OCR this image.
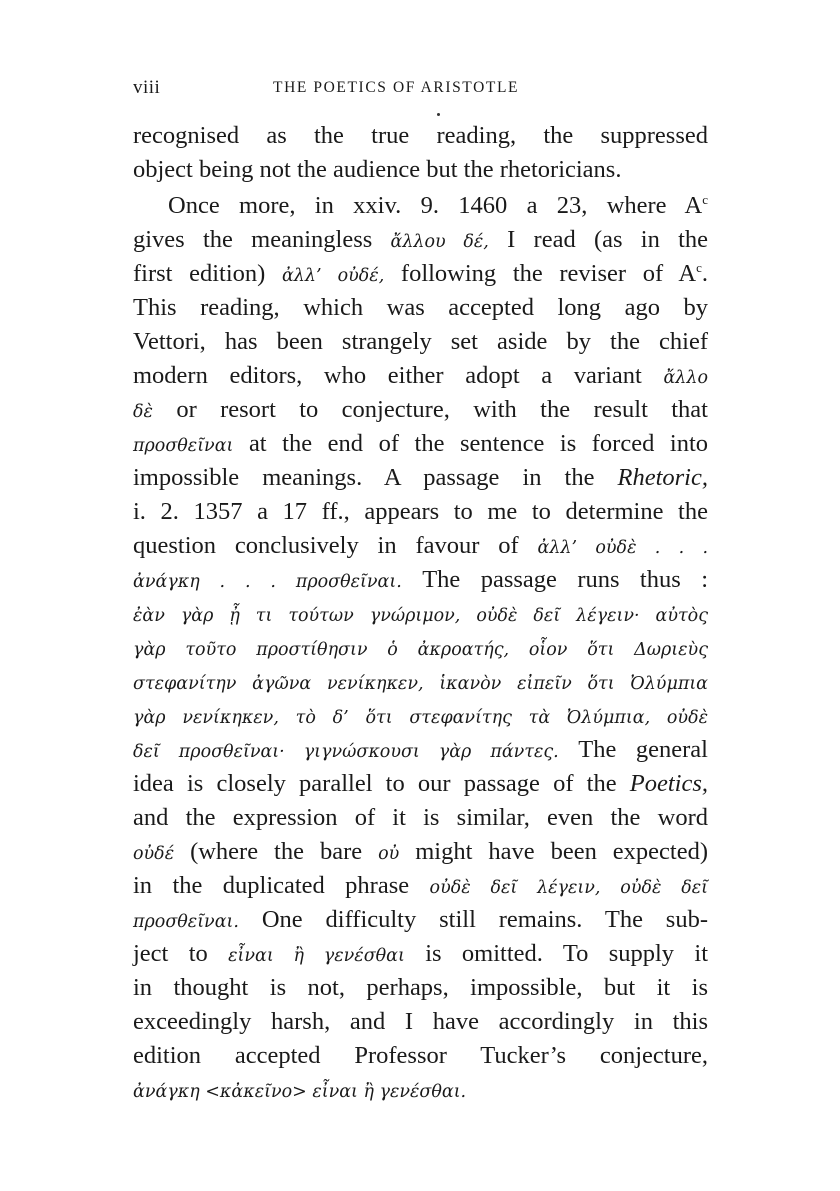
viii	THE POETICS OF ARISTOTLE
recognised as the true reading, the suppressed
object being not the audience but the rhetoricians.
Once more, in xxiv. 9. 1460 a 23, where $A^c$
gives the meaningless ἄλλου δέ, I read (as in the
first edition) ἀλλ’ οὐδέ, following the reviser of $A^c$.
This reading, which was accepted long ago by
Vettori, has been strangely set aside by the chief
modern editors, who either adopt a variant ἄλλο
δὲ or resort to conjecture, with the result that
προσθεῖναι at the end of the sentence is forced into
impossible meanings. A passage in the Rhetoric,
i. 2. 1357 a 17 ff., appears to me to determine the
question conclusively in favour of ἀλλ’ οὐδὲ . . .
ἀνάγκη . . . προσθεῖναι. The passage runs thus :
ἐὰν γὰρ ᾖ τι τούτων γνώριμον, οὐδὲ δεῖ λέγειν· αὐτὸς
γὰρ τοῦτο προστίθησιν ὁ ἀκροατής, οἷον ὅτι Δωριεὺς
στεφανίτην ἀγῶνα νενίκηκεν, ἱκανὸν εἰπεῖν ὅτι Ὀλύμπια
γὰρ νενίκηκεν, τὸ δ’ ὅτι στεφανίτης τὰ Ὀλύμπια, οὐδὲ
δεῖ προσθεῖναι· γιγνώσκουσι γὰρ πάντες. The general
idea is closely parallel to our passage of the Poetics,
and the expression of it is similar, even the word
οὐδέ (where the bare οὐ might have been expected)
in the duplicated phrase οὐδὲ δεῖ λέγειν, οὐδὲ δεῖ
προσθεῖναι. One difficulty still remains. The sub-
ject to εἶναι ἢ γενέσθαι is omitted. To supply it
in thought is not, perhaps, impossible, but it is
exceedingly harsh, and I have accordingly in this
edition accepted Professor Tucker’s conjecture,
ἀνάγκη <κἀκεῖνο> εἶναι ἢ γενέσθαι.
